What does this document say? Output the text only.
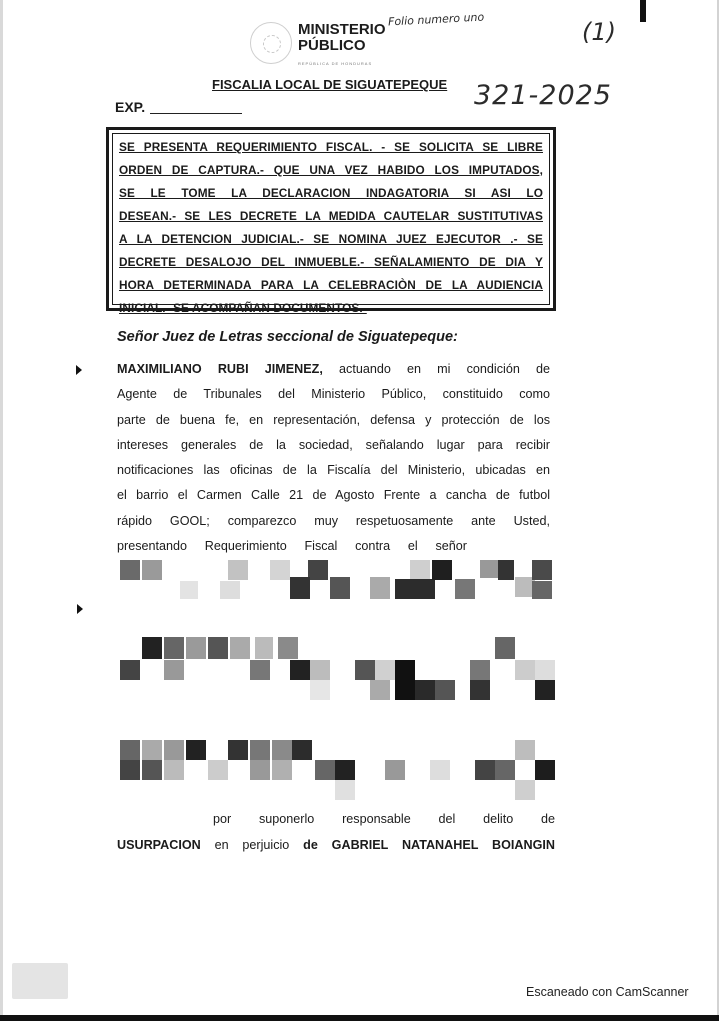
MINISTERIO
PÚBLICO
REPÚBLICA DE HONDURAS
Folio numero uno	(1)
321-2025
FISCALIA LOCAL DE SIGUATEPEQUE
EXP.
SE PRESENTA REQUERIMIENTO FISCAL. - SE SOLICITA SE LIBRE
ORDEN DE CAPTURA.- QUE UNA VEZ HABIDO LOS IMPUTADOS,
SE LE TOME LA DECLARACION INDAGATORIA SI ASI LO
DESEAN.- SE LES DECRETE LA MEDIDA CAUTELAR SUSTITUTIVAS
A LA DETENCION JUDICIAL.- SE NOMINA JUEZ EJECUTOR .- SE
DECRETE DESALOJO DEL INMUEBLE.- SEÑALAMIENTO DE DIA Y
HORA DETERMINADA PARA LA CELEBRACIÒN DE LA AUDIENCIA
INICIAL.- SE ACOMPAÑAN DOCUMENTOS.-
Señor Juez de Letras seccional de Siguatepeque:

MAXIMILIANO RUBI JIMENEZ, actuando en mi condición de

Agente de Tribunales del Ministerio Público, constituido como

parte de buena fe, en representación, defensa y protección de los

intereses generales de la sociedad, señalando lugar para recibir

notificaciones las oficinas de la Fiscalía del Ministerio, ubicadas en

el barrio el Carmen Calle 21 de Agosto Frente a cancha de futbol

rápido GOOL; comparezco muy respetuosamente ante Usted,

presentando Requerimiento Fiscal contra el señor

por suponerlo responsable del delito de
USURPACION en perjuicio de GABRIEL NATANAHEL BOIANGIN
Escaneado con CamScanner
